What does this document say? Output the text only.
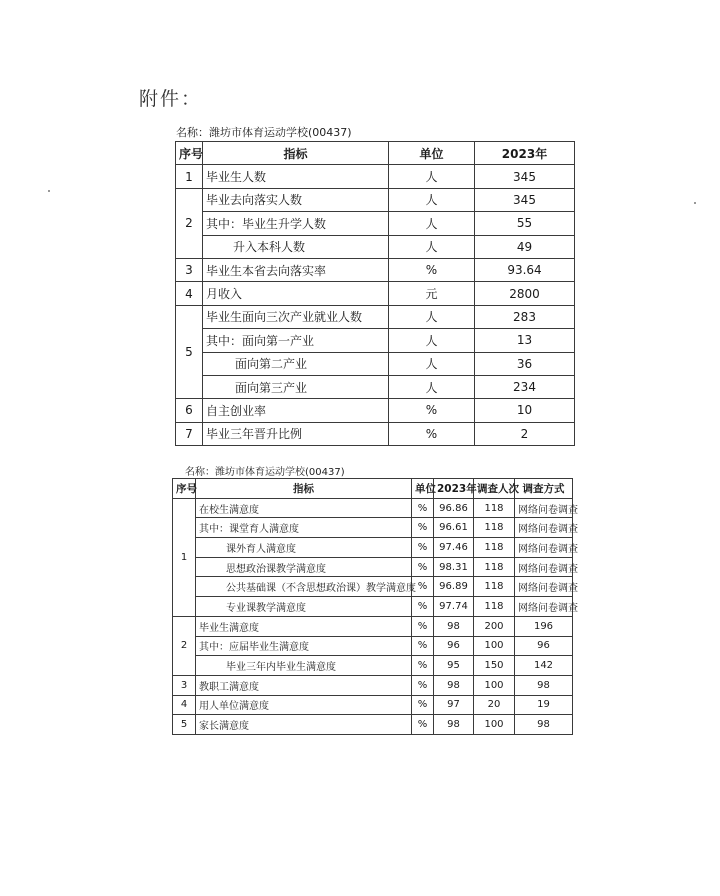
附件：
名称：潍坊市体育运动学校(00437)
序号	指标	单位	2023年
1	毕业生人数	人	345
2	毕业去向落实人数	人	345
	其中：毕业生升学人数	人	55
	升入本科人数	人	49
3	毕业生本省去向落实率	%	93.64
4	月收入	元	2800
5	毕业生面向三次产业就业人数	人	283
	其中：面向第一产业	人	13
	面向第二产业	人	36
	面向第三产业	人	234
6	自主创业率	%	10
7	毕业三年晋升比例	%	2
名称：潍坊市体育运动学校(00437)
序号	指标	单位	2023年	调查人次	调查方式
1	在校生满意度	%	96.86	118	网络问卷调查
	其中：课堂育人满意度	%	96.61	118	网络问卷调查
	课外育人满意度	%	97.46	118	网络问卷调查
	思想政治课教学满意度	%	98.31	118	网络问卷调查
	公共基础课（不含思想政治课）教学满意度	%	96.89	118	网络问卷调查
	专业课教学满意度	%	97.74	118	网络问卷调查
2	毕业生满意度	%	98	200	196
	其中：应届毕业生满意度	%	96	100	96
	毕业三年内毕业生满意度	%	95	150	142
3	教职工满意度	%	98	100	98
4	用人单位满意度	%	97	20	19
5	家长满意度	%	98	100	98
